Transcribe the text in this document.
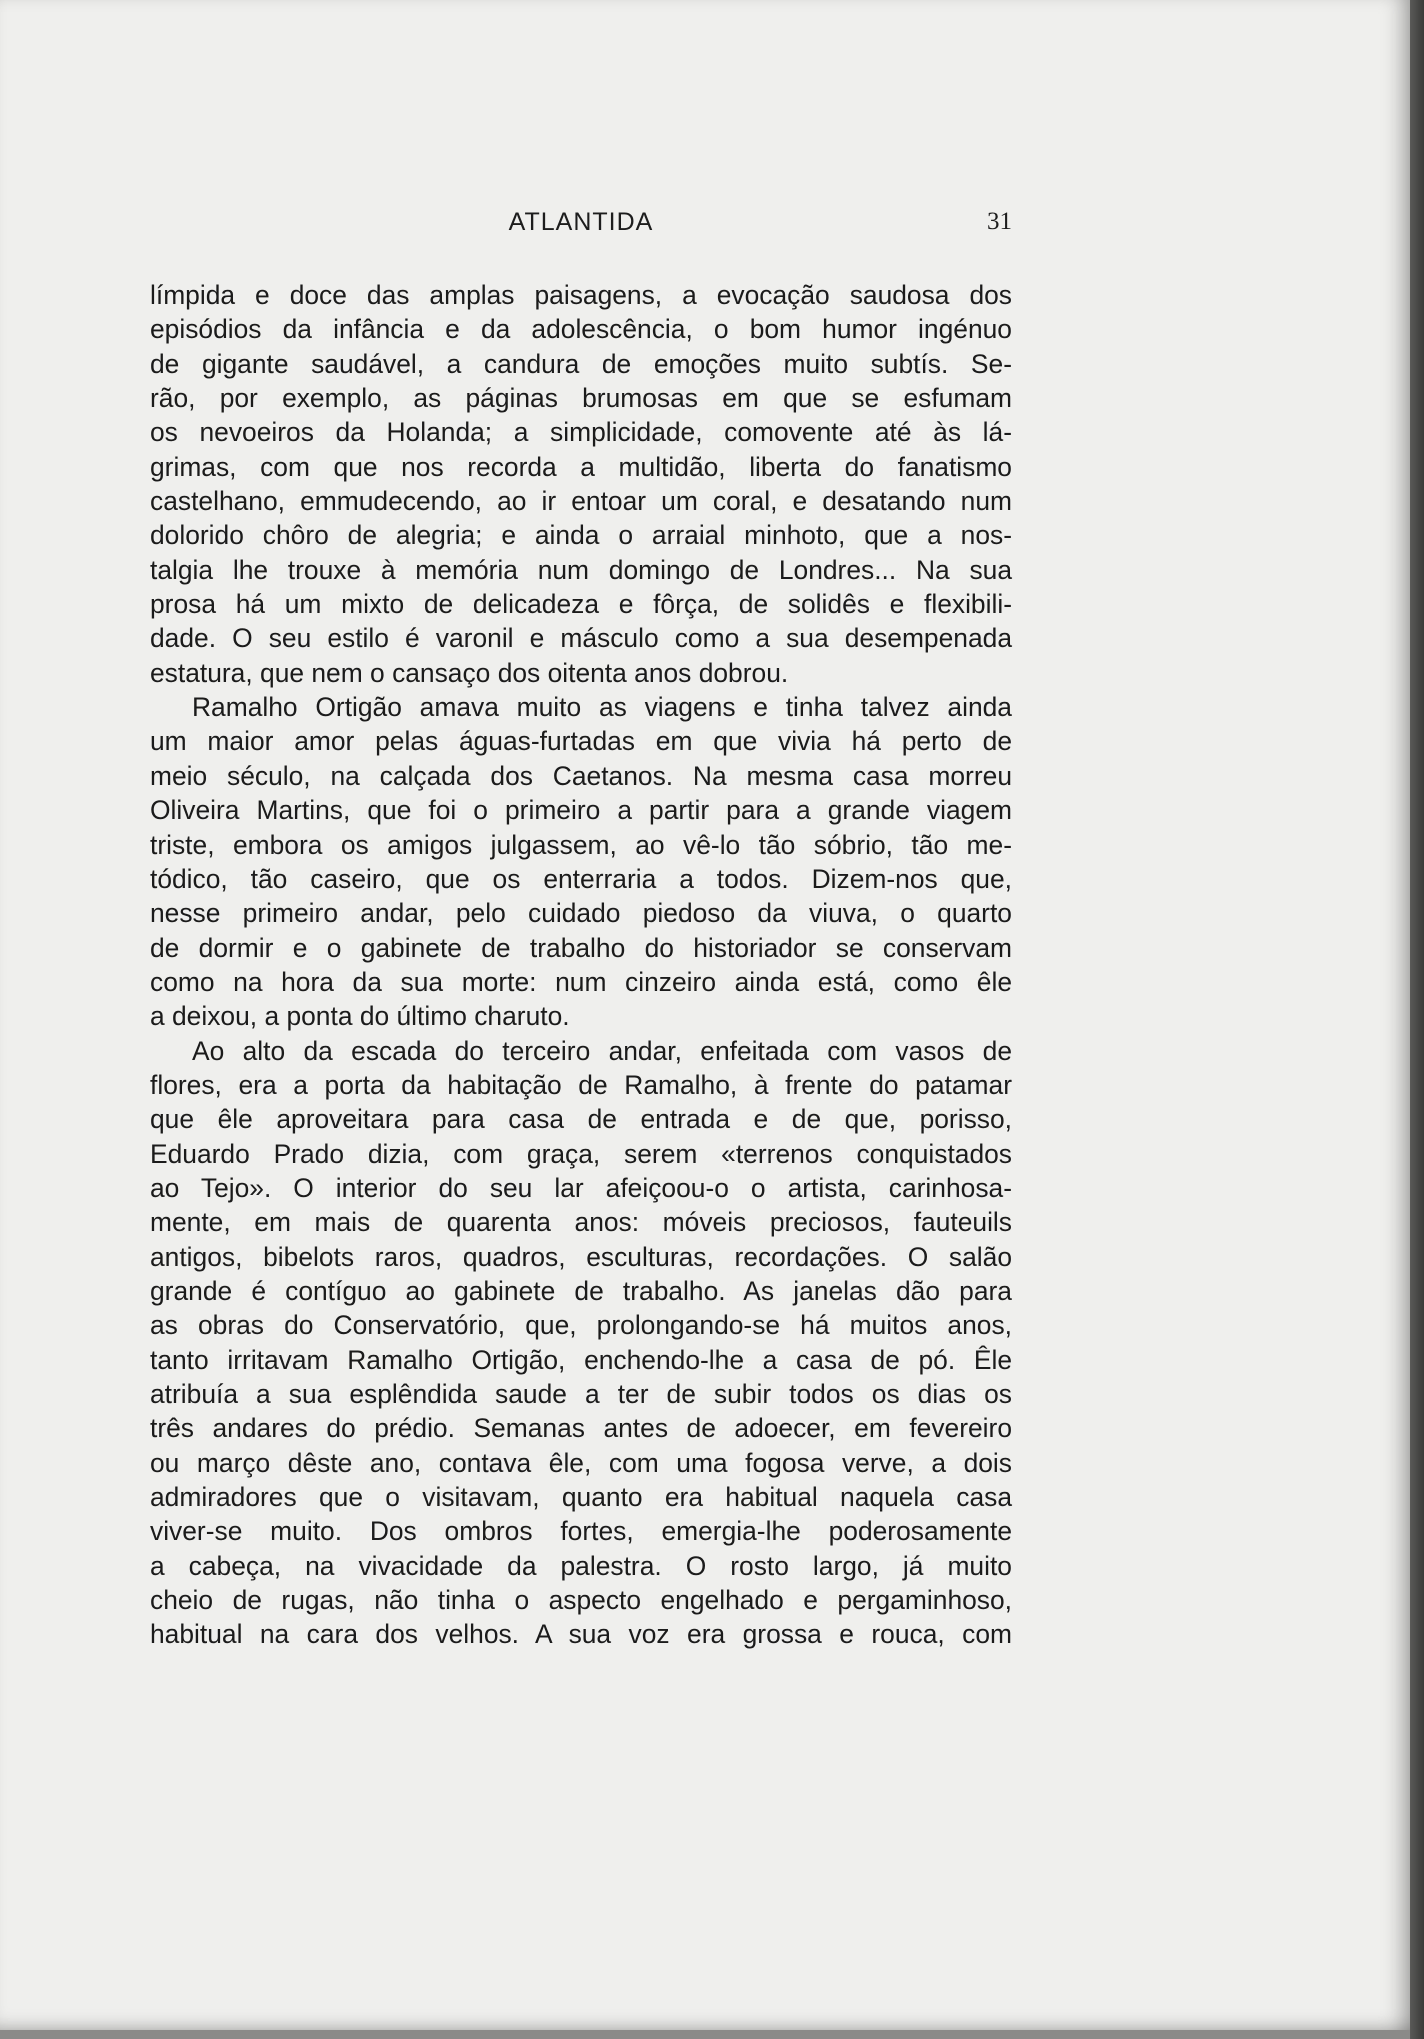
ATLANTIDA	31
límpida e doce das amplas paisagens, a evocação saudosa dos
episódios da infância e da adolescência, o bom humor ingénuo
de gigante saudável, a candura de emoções muito subtís. Se-
rão, por exemplo, as páginas brumosas em que se esfumam
os nevoeiros da Holanda; a simplicidade, comovente até às lá-
grimas, com que nos recorda a multidão, liberta do fanatismo
castelhano, emmudecendo, ao ir entoar um coral, e desatando num
dolorido chôro de alegria; e ainda o arraial minhoto, que a nos-
talgia lhe trouxe à memória num domingo de Londres... Na sua
prosa há um mixto de delicadeza e fôrça, de solidês e flexibili-
dade. O seu estilo é varonil e másculo como a sua desempenada
estatura, que nem o cansaço dos oitenta anos dobrou.
Ramalho Ortigão amava muito as viagens e tinha talvez ainda
um maior amor pelas águas-furtadas em que vivia há perto de
meio século, na calçada dos Caetanos. Na mesma casa morreu
Oliveira Martins, que foi o primeiro a partir para a grande viagem
triste, embora os amigos julgassem, ao vê-lo tão sóbrio, tão me-
tódico, tão caseiro, que os enterraria a todos. Dizem-nos que,
nesse primeiro andar, pelo cuidado piedoso da viuva, o quarto
de dormir e o gabinete de trabalho do historiador se conservam
como na hora da sua morte: num cinzeiro ainda está, como êle
a deixou, a ponta do último charuto.
Ao alto da escada do terceiro andar, enfeitada com vasos de
flores, era a porta da habitação de Ramalho, à frente do patamar
que êle aproveitara para casa de entrada e de que, porisso,
Eduardo Prado dizia, com graça, serem «terrenos conquistados
ao Tejo». O interior do seu lar afeiçoou-o o artista, carinhosa-
mente, em mais de quarenta anos: móveis preciosos, fauteuils
antigos, bibelots raros, quadros, esculturas, recordações. O salão
grande é contíguo ao gabinete de trabalho. As janelas dão para
as obras do Conservatório, que, prolongando-se há muitos anos,
tanto irritavam Ramalho Ortigão, enchendo-lhe a casa de pó. Êle
atribuía a sua esplêndida saude a ter de subir todos os dias os
três andares do prédio. Semanas antes de adoecer, em fevereiro
ou março dêste ano, contava êle, com uma fogosa verve, a dois
admiradores que o visitavam, quanto era habitual naquela casa
viver-se muito. Dos ombros fortes, emergia-lhe poderosamente
a cabeça, na vivacidade da palestra. O rosto largo, já muito
cheio de rugas, não tinha o aspecto engelhado e pergaminhoso,
habitual na cara dos velhos. A sua voz era grossa e rouca, com
